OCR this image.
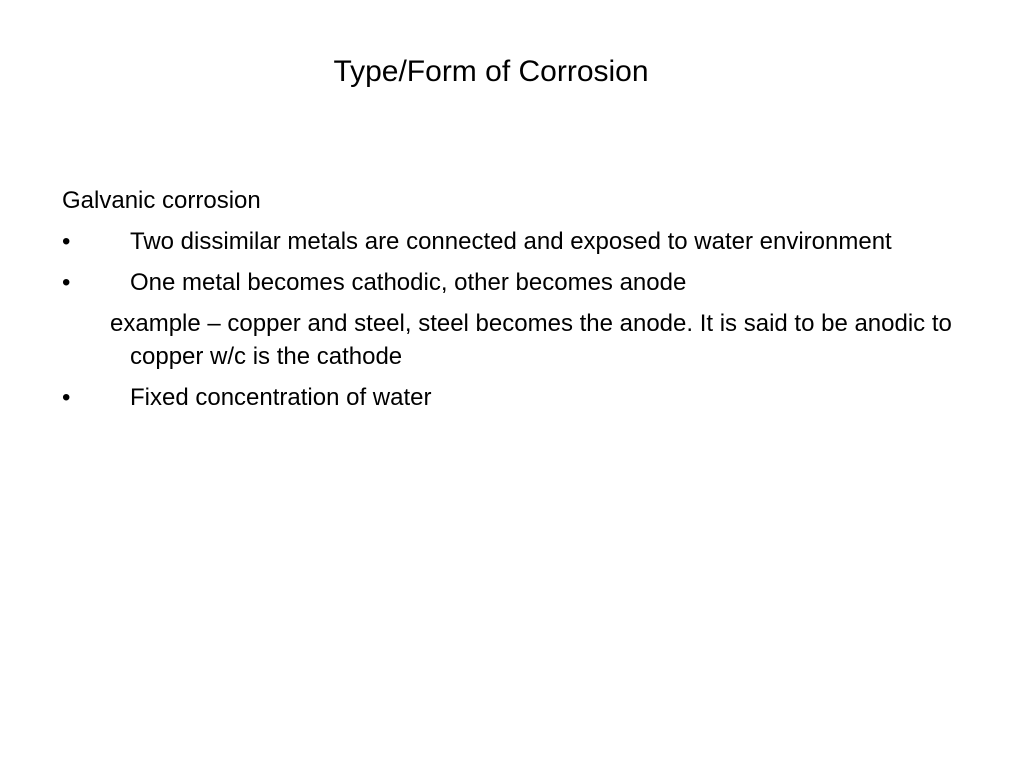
Type/Form of Corrosion

Galvanic corrosion

• Two dissimilar metals are connected and exposed to water environment
• One metal becomes cathodic, other becomes anode
example – copper and steel, steel becomes the anode. It is said to be anodic to copper w/c is the cathode
• Fixed concentration of water
